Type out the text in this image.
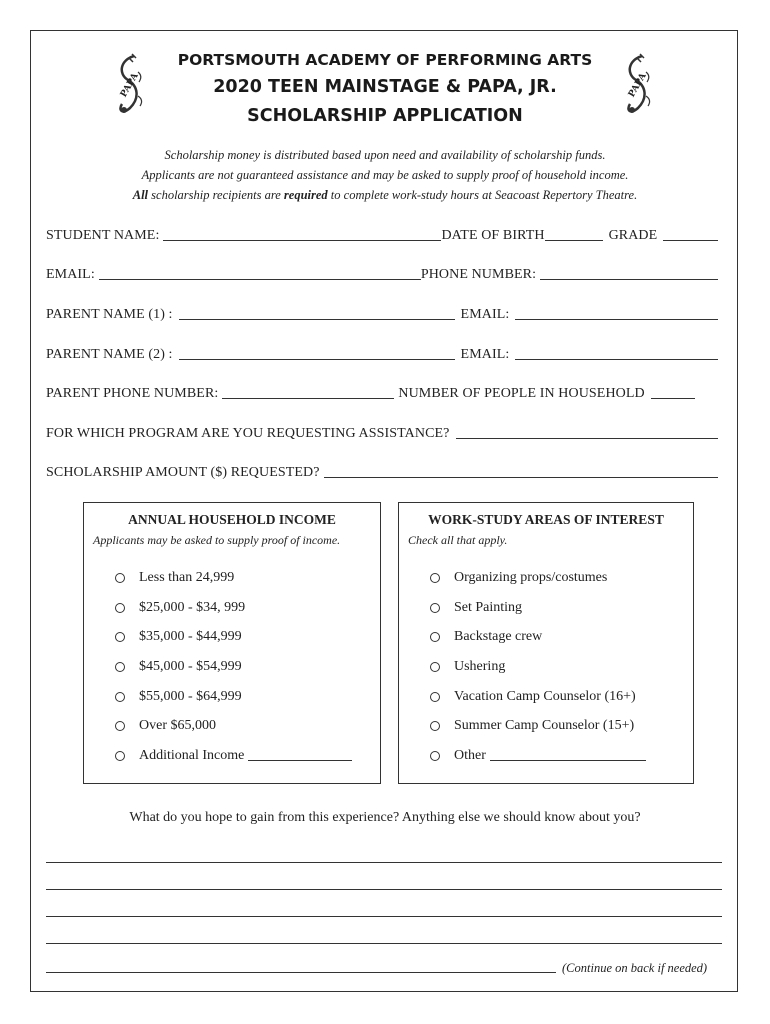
PAPA	PAPA
PORTSMOUTH ACADEMY OF PERFORMING ARTS
2020 TEEN MAINSTAGE & PAPA, JR.
SCHOLARSHIP APPLICATION
Scholarship money is distributed based upon need and availability of scholarship funds.
Applicants are not guaranteed assistance and may be asked to supply proof of household income.
All scholarship recipients are required to complete work-study hours at Seacoast Repertory Theatre.
STUDENT NAME:	DATE OF BIRTH	GRADE
EMAIL:	PHONE NUMBER:
PARENT NAME (1) :	EMAIL:
PARENT NAME (2) :	EMAIL:
PARENT PHONE NUMBER:	NUMBER OF PEOPLE IN HOUSEHOLD
FOR WHICH PROGRAM ARE YOU REQUESTING ASSISTANCE?
SCHOLARSHIP AMOUNT ($) REQUESTED?
ANNUAL HOUSEHOLD INCOME
Applicants may be asked to supply proof of income.
Less than 24,999
$25,000 - $34, 999
$35,000 - $44,999
$45,000 - $54,999
$55,000 - $64,999
Over $65,000
Additional Income
WORK-STUDY AREAS OF INTEREST
Check all that apply.
Organizing props/costumes
Set Painting
Backstage crew
Ushering
Vacation Camp Counselor (16+)
Summer Camp Counselor (15+)
Other
What do you hope to gain from this experience? Anything else we should know about you?
(Continue on back if needed)
